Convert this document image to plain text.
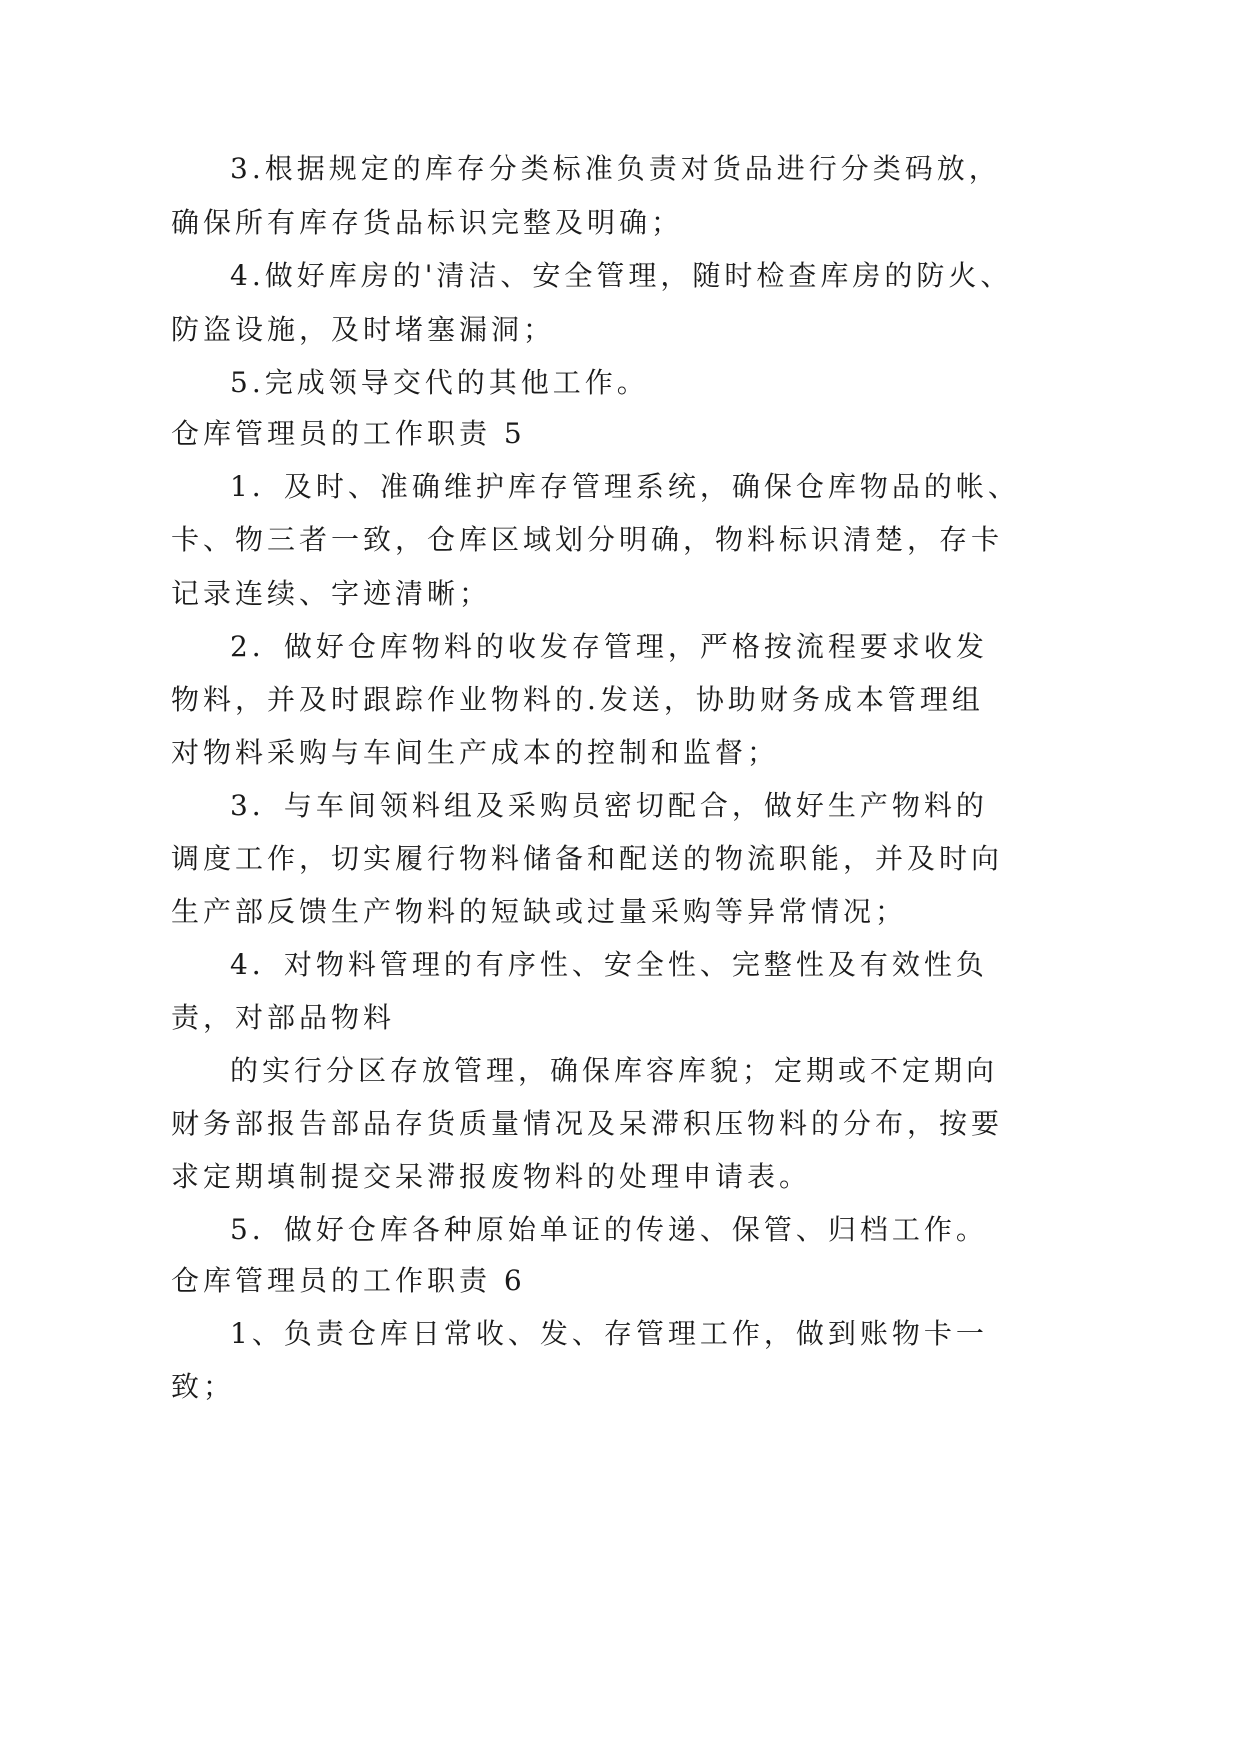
3.根据规定的库存分类标准负责对货品进行分类码放，
确保所有库存货品标识完整及明确；
4.做好库房的'清洁、安全管理，随时检查库房的防火、
防盗设施，及时堵塞漏洞；
5.完成领导交代的其他工作。
仓库管理员的工作职责 5
1．及时、准确维护库存管理系统，确保仓库物品的帐、
卡、物三者一致，仓库区域划分明确，物料标识清楚，存卡
记录连续、字迹清晰；
2．做好仓库物料的收发存管理，严格按流程要求收发
物料，并及时跟踪作业物料的.发送，协助财务成本管理组
对物料采购与车间生产成本的控制和监督；
3．与车间领料组及采购员密切配合，做好生产物料的
调度工作，切实履行物料储备和配送的物流职能，并及时向
生产部反馈生产物料的短缺或过量采购等异常情况；
4．对物料管理的有序性、安全性、完整性及有效性负
责，对部品物料
的实行分区存放管理，确保库容库貌；定期或不定期向
财务部报告部品存货质量情况及呆滞积压物料的分布，按要
求定期填制提交呆滞报废物料的处理申请表。
5．做好仓库各种原始单证的传递、保管、归档工作。
仓库管理员的工作职责 6
1、负责仓库日常收、发、存管理工作，做到账物卡一
致；
